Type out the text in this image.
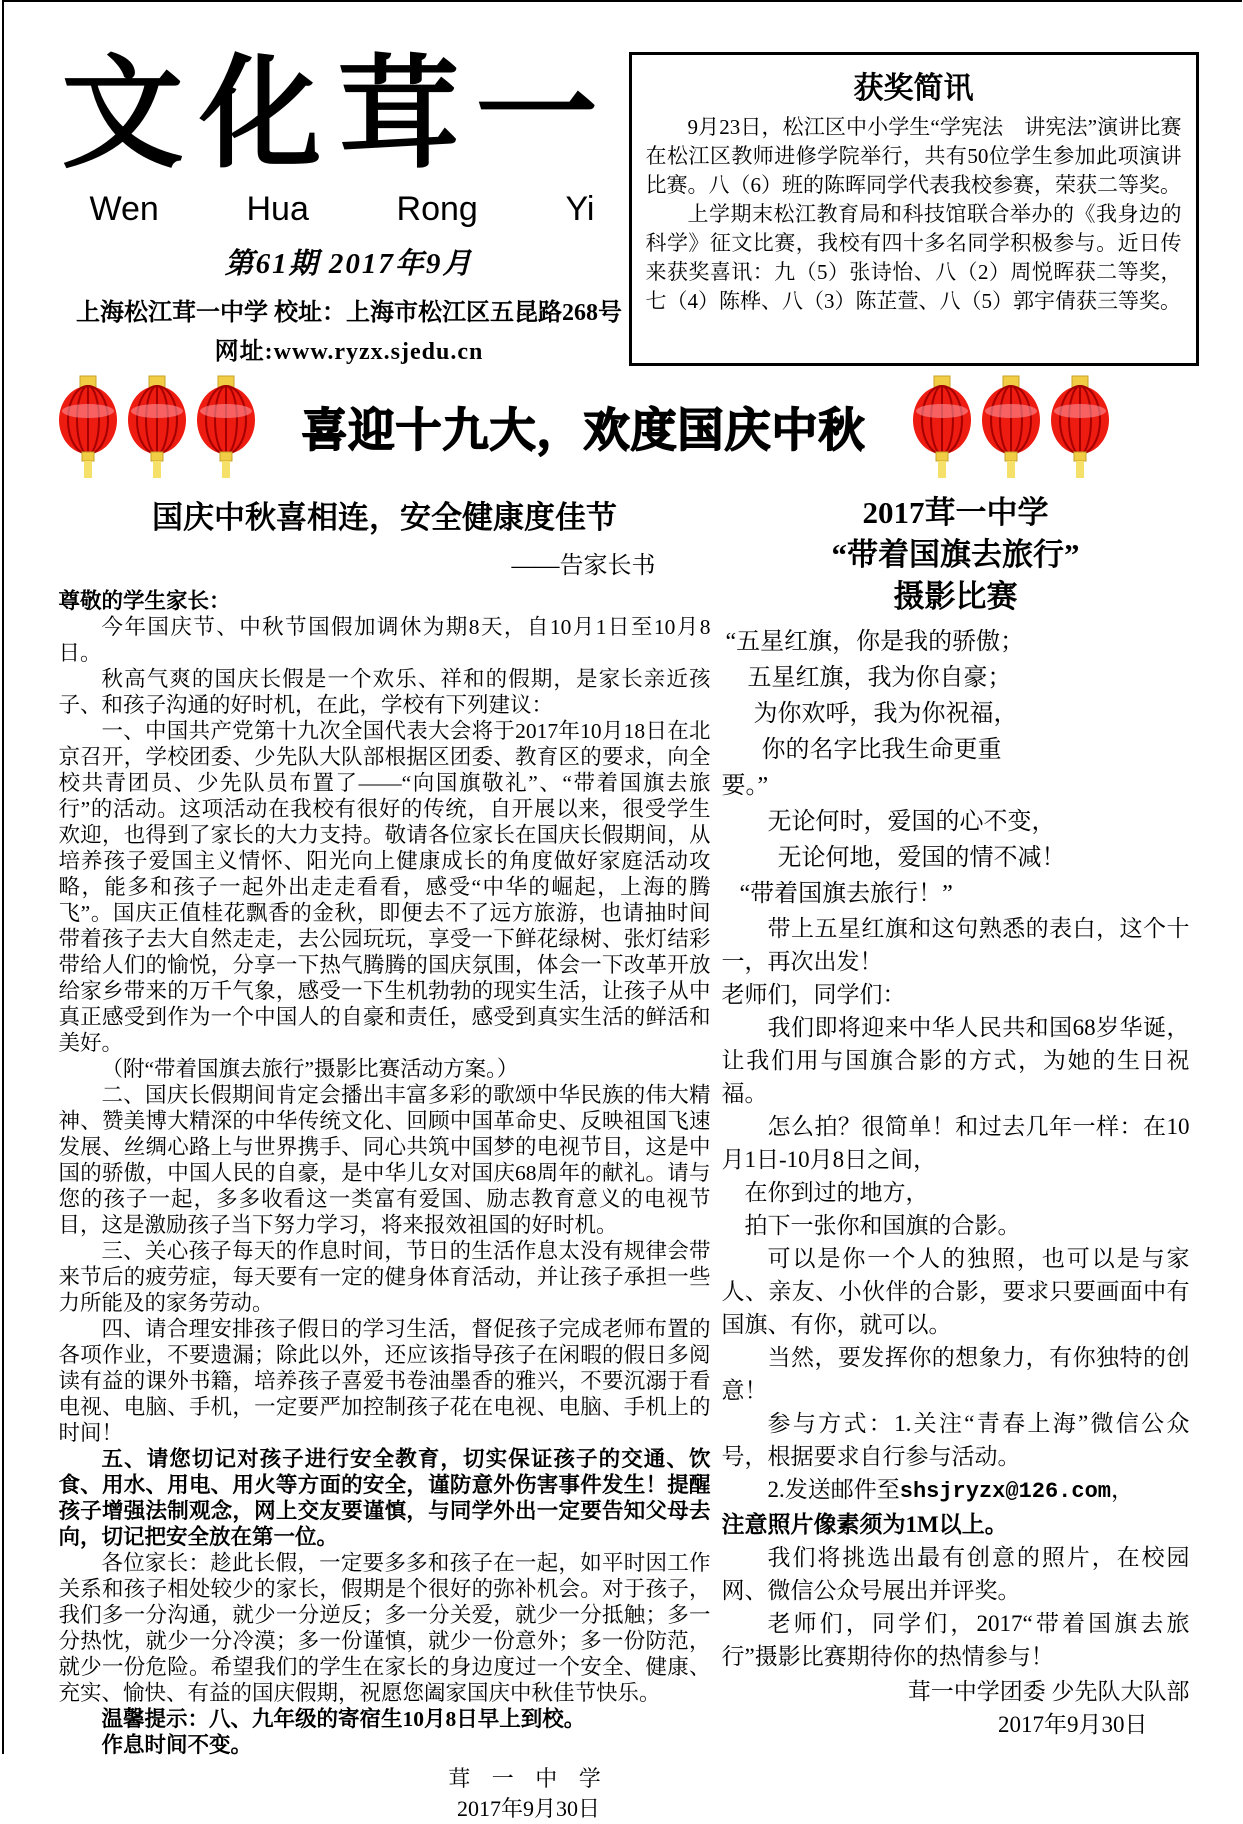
文化茸一
Wen	Hua	Rong	Yi
第61期 2017年9月
上海松江茸一中学 校址：上海市松江区五昆路268号
网址:www.ryzx.sjedu.cn
获奖简讯

9月23日，松江区中小学生“学宪法　讲宪法”演讲比赛在松江区教师进修学院举行，共有50位学生参加此项演讲比赛。八（6）班的陈晖同学代表我校参赛，荣获二等奖。

上学期末松江教育局和科技馆联合举办的《我身边的科学》征文比赛，我校有四十多名同学积极参与。近日传来获奖喜讯：九（5）张诗怡、八（2）周悦晖获二等奖，七（4）陈桦、八（3）陈芷萱、八（5）郭宇倩获三等奖。

喜迎十九大，欢度国庆中秋
国庆中秋喜相连，安全健康度佳节
——告家长书
尊敬的学生家长：

今年国庆节、中秋节国假加调休为期8天，自10月1日至10月8日。

秋高气爽的国庆长假是一个欢乐、祥和的假期，是家长亲近孩子、和孩子沟通的好时机，在此，学校有下列建议：

一、中国共产党第十九次全国代表大会将于2017年10月18日在北京召开，学校团委、少先队大队部根据区团委、教育区的要求，向全校共青团员、少先队员布置了——“向国旗敬礼”、“带着国旗去旅行”的活动。这项活动在我校有很好的传统，自开展以来，很受学生欢迎，也得到了家长的大力支持。敬请各位家长在国庆长假期间，从培养孩子爱国主义情怀、阳光向上健康成长的角度做好家庭活动攻略，能多和孩子一起外出走走看看，感受“中华的崛起，上海的腾飞”。国庆正值桂花飘香的金秋，即便去不了远方旅游，也请抽时间带着孩子去大自然走走，去公园玩玩，享受一下鲜花绿树、张灯结彩带给人们的愉悦，分享一下热气腾腾的国庆氛围，体会一下改革开放给家乡带来的万千气象，感受一下生机勃勃的现实生活，让孩子从中真正感受到作为一个中国人的自豪和责任，感受到真实生活的鲜活和美好。

（附“带着国旗去旅行”摄影比赛活动方案。）

二、国庆长假期间肯定会播出丰富多彩的歌颂中华民族的伟大精神、赞美博大精深的中华传统文化、回顾中国革命史、反映祖国飞速发展、丝绸心路上与世界携手、同心共筑中国梦的电视节目，这是中国的骄傲，中国人民的自豪，是中华儿女对国庆68周年的献礼。请与您的孩子一起，多多收看这一类富有爱国、励志教育意义的电视节目，这是激励孩子当下努力学习，将来报效祖国的好时机。

三、关心孩子每天的作息时间，节日的生活作息太没有规律会带来节后的疲劳症，每天要有一定的健身体育活动，并让孩子承担一些力所能及的家务劳动。

四、请合理安排孩子假日的学习生活，督促孩子完成老师布置的各项作业，不要遗漏；除此以外，还应该指导孩子在闲暇的假日多阅读有益的课外书籍，培养孩子喜爱书卷油墨香的雅兴，不要沉溺于看电视、电脑、手机，一定要严加控制孩子花在电视、电脑、手机上的时间！

五、请您切记对孩子进行安全教育，切实保证孩子的交通、饮食、用水、用电、用火等方面的安全，谨防意外伤害事件发生！提醒孩子增强法制观念，网上交友要谨慎，与同学外出一定要告知父母去向，切记把安全放在第一位。

各位家长：趁此长假，一定要多多和孩子在一起，如平时因工作关系和孩子相处较少的家长，假期是个很好的弥补机会。对于孩子，我们多一分沟通，就少一分逆反；多一分关爱，就少一分抵触；多一分热忱，就少一分冷漠；多一份谨慎，就少一份意外；多一份防范，就少一份危险。希望我们的学生在家长的身边度过一个安全、健康、充实、愉快、有益的国庆假期，祝愿您阖家国庆中秋佳节快乐。

温馨提示：八、九年级的寄宿生10月8日早上到校。

作息时间不变。

茸 一 中 学
2017年9月30日
2017茸一中学
“带着国旗去旅行”
摄影比赛
“五星红旗，你是我的骄傲；
五星红旗，我为你自豪；
为你欢呼，我为你祝福，
你的名字比我生命更重
要。”
无论何时，爱国的心不变，
无论何地，爱国的情不减！
“带着国旗去旅行！”

带上五星红旗和这句熟悉的表白，这个十一，再次出发！

老师们，同学们：

我们即将迎来中华人民共和国68岁华诞，让我们用与国旗合影的方式，为她的生日祝福。

怎么拍？很简单！和过去几年一样：在10月1日-10月8日之间，

在你到过的地方，

拍下一张你和国旗的合影。

可以是你一个人的独照，也可以是与家人、亲友、小伙伴的合影，要求只要画面中有国旗、有你，就可以。

当然，要发挥你的想象力，有你独特的创意！

参与方式：1.关注“青春上海”微信公众号，根据要求自行参与活动。

2.发送邮件至shsjryzx@126.com，

注意照片像素须为1M以上。

我们将挑选出最有创意的照片，在校园网、微信公众号展出并评奖。

老师们，同学们，2017“带着国旗去旅行”摄影比赛期待你的热情参与！

茸一中学团委 少先队大队部
2017年9月30日
